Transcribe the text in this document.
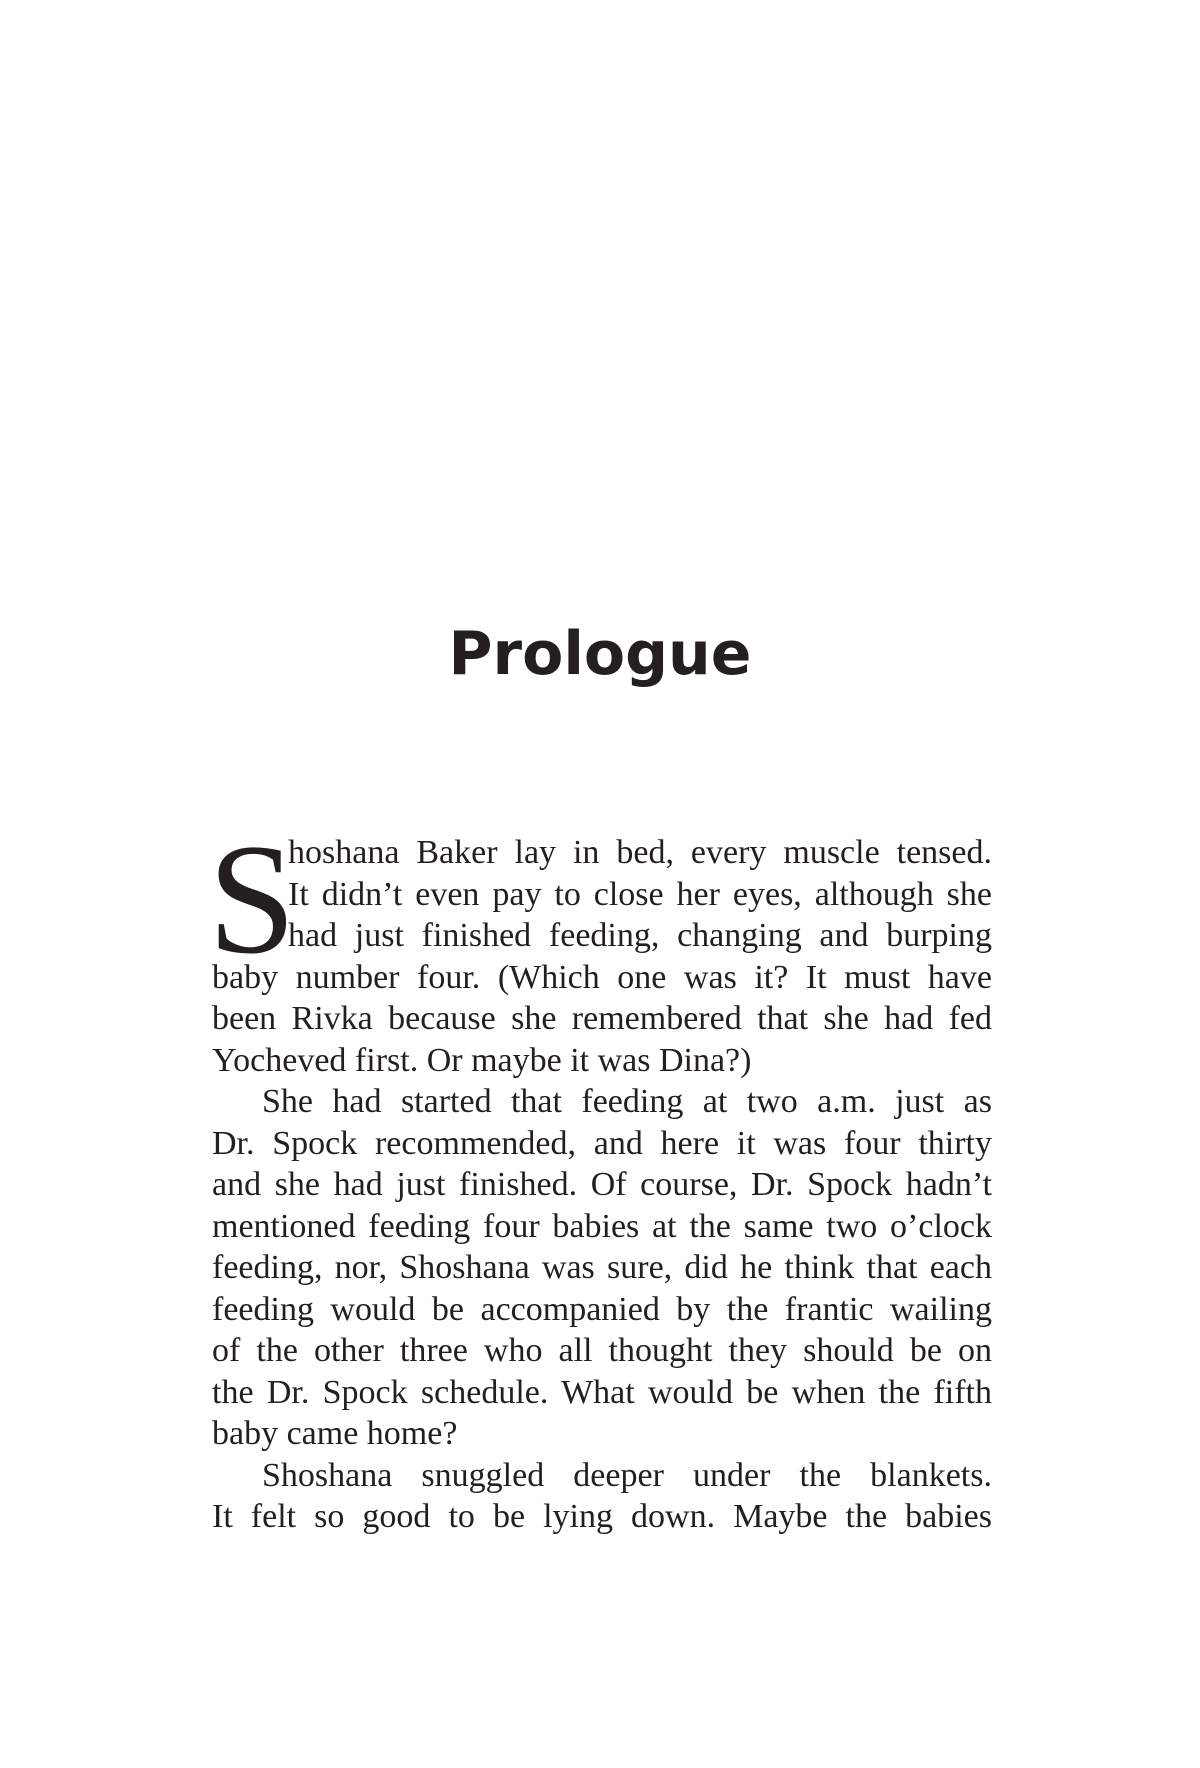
Prologue
S
hoshana Baker lay in bed, every muscle tensed.
It didn’t even pay to close her eyes, although she
had just finished feeding, changing and burping
baby number four. (Which one was it? It must have
been Rivka because she remembered that she had fed
Yocheved first. Or maybe it was Dina?)
She had started that feeding at two a.m. just as
Dr. Spock recommended, and here it was four thirty
and she had just finished. Of course, Dr. Spock hadn’t
mentioned feeding four babies at the same two o’clock
feeding, nor, Shoshana was sure, did he think that each
feeding would be accompanied by the frantic wailing
of the other three who all thought they should be on
the Dr. Spock schedule. What would be when the fifth
baby came home?
Shoshana snuggled deeper under the blankets.
It felt so good to be lying down. Maybe the babies
